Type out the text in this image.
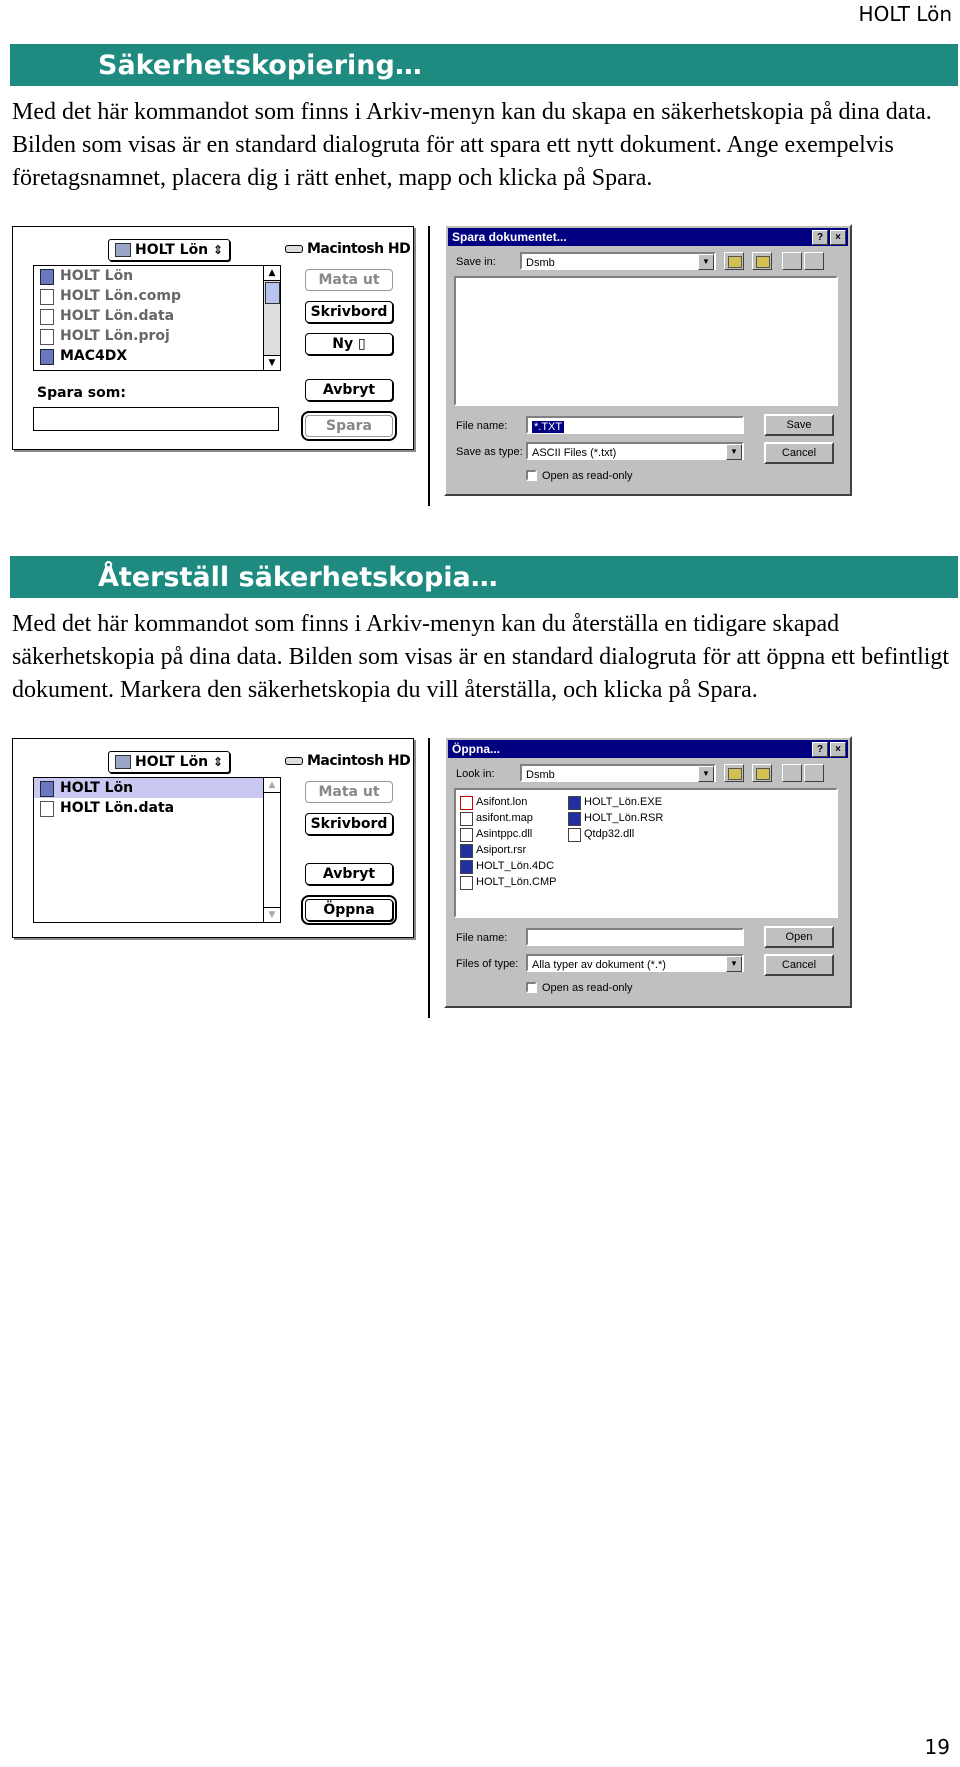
HOLT Lön
Säkerhetskopiering…
Med det här kommandot som finns i Arkiv-menyn kan du skapa en säkerhetskopia på dina data. Bilden som visas är en standard dialogruta för att spara ett nytt dokument. Ange exempelvis företagsnamnet, placera dig i rätt enhet, mapp och klicka på Spara.
HOLT Lön ⇕	Macintosh HD
HOLT Lön
HOLT Lön.comp
HOLT Lön.data
HOLT Lön.proj
MAC4DX
▲
▼
Mata ut
Skrivbord
Ny ▯
Avbryt
Spara
Spara som:
Spara dokumentet...	?	×
Save in:	Dsmb	▼
File name:	*.TXT
Save as type: ASCII Files (*.txt)	▼
Open as read-only
Save
Cancel
Återställ säkerhetskopia…
Med det här kommandot som finns i Arkiv-menyn kan du återställa en tidigare skapad säkerhetskopia på dina data. Bilden som visas är en standard dialogruta för att öppna ett befintligt dokument. Markera den säkerhetskopia du vill återställa, och klicka på Spara.
HOLT Lön ⇕	Macintosh HD
HOLT Lön
HOLT Lön.data
▲
▼
Mata ut
Skrivbord
Avbryt
Öppna
Öppna...	?	×
Look in:	Dsmb	▼
Asifont.lon
asifont.map
Asintppc.dll
Asiport.rsr
HOLT_Lön.4DC
HOLT_Lön.CMP
HOLT_Lön.EXE
HOLT_Lön.RSR
Qtdp32.dll
File name:
Files of type:	Alla typer av dokument (*.*)	▼
Open as read-only
Open
Cancel
19
